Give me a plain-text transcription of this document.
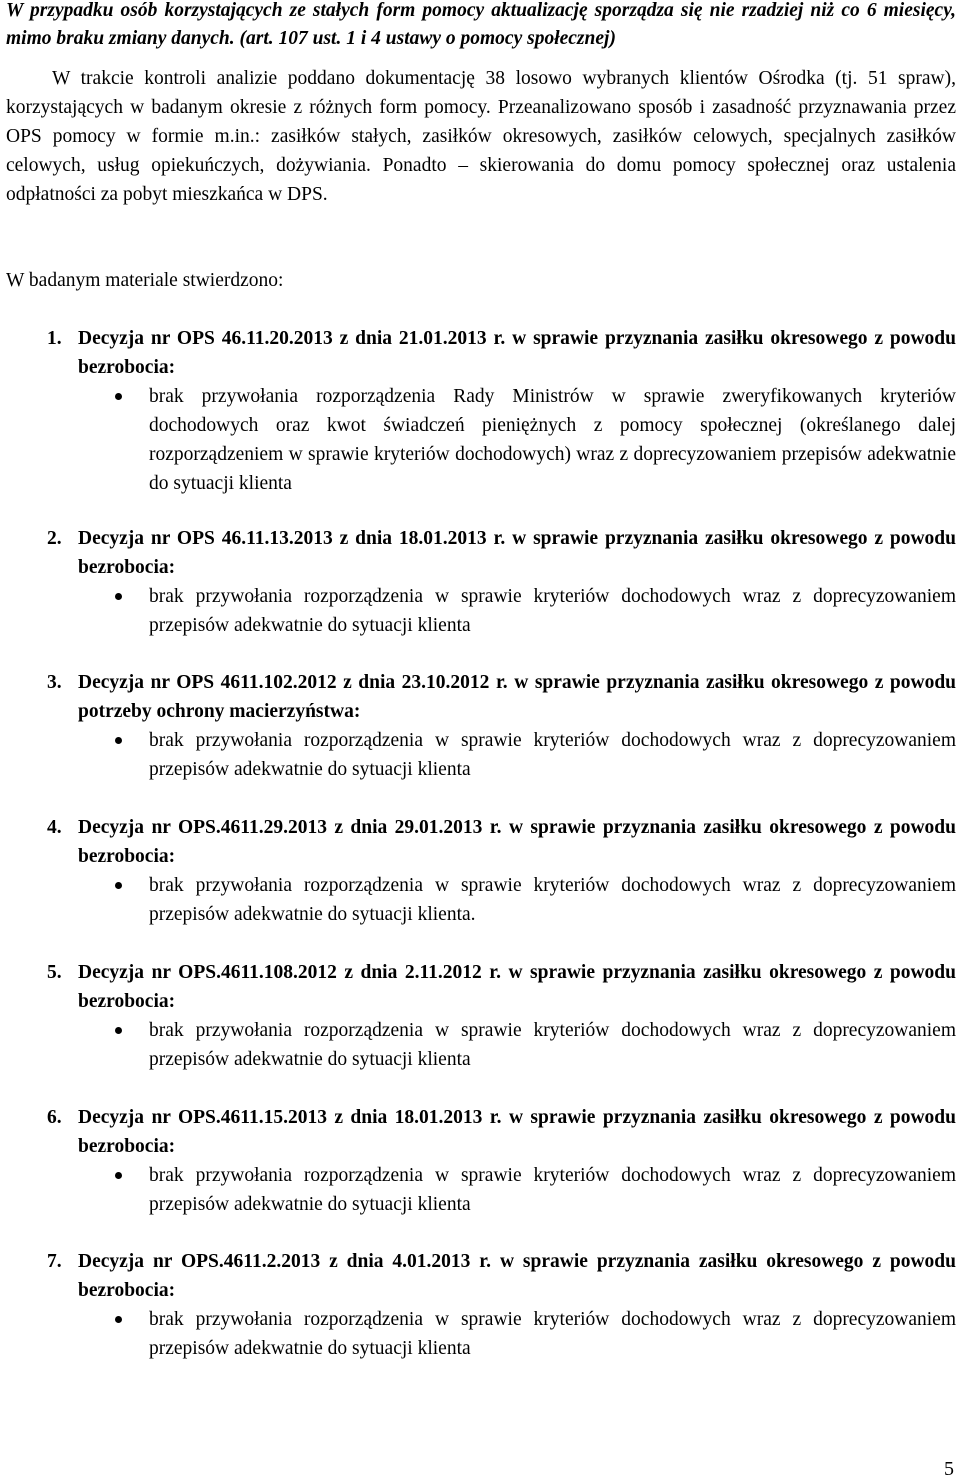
W przypadku osób korzystających ze stałych form pomocy aktualizację sporządza się nie rzadziej niż co 6 miesięcy, mimo braku zmiany danych. (art. 107 ust. 1 i 4 ustawy o pomocy społecznej)
W trakcie kontroli analizie poddano dokumentację 38 losowo wybranych klientów Ośrodka (tj. 51 spraw), korzystających w badanym okresie z różnych form pomocy. Przeanalizowano sposób i zasadność przyznawania przez OPS pomocy w formie m.in.: zasiłków stałych, zasiłków okresowych, zasiłków celowych, specjalnych zasiłków celowych, usług opiekuńczych, dożywiania. Ponadto – skierowania do domu pomocy społecznej oraz ustalenia odpłatności za pobyt mieszkańca w DPS.
W badanym materiale stwierdzono:
1. Decyzja nr OPS 46.11.20.2013 z dnia 21.01.2013 r. w sprawie przyznania zasiłku okresowego z powodu bezrobocia:
brak przywołania rozporządzenia Rady Ministrów w sprawie zweryfikowanych kryteriów dochodowych oraz kwot świadczeń pieniężnych z pomocy społecznej (określanego dalej rozporządzeniem w sprawie kryteriów dochodowych) wraz z doprecyzowaniem przepisów adekwatnie do sytuacji klienta
2. Decyzja nr OPS 46.11.13.2013 z dnia 18.01.2013 r. w sprawie przyznania zasiłku okresowego z powodu bezrobocia:
brak przywołania rozporządzenia w sprawie kryteriów dochodowych wraz z doprecyzowaniem przepisów adekwatnie do sytuacji klienta
3. Decyzja nr OPS 4611.102.2012 z dnia 23.10.2012 r. w sprawie przyznania zasiłku okresowego z powodu potrzeby ochrony macierzyństwa:
brak przywołania rozporządzenia w sprawie kryteriów dochodowych wraz z doprecyzowaniem przepisów adekwatnie do sytuacji klienta
4. Decyzja nr OPS.4611.29.2013 z dnia 29.01.2013 r. w sprawie przyznania zasiłku okresowego z powodu bezrobocia:
brak przywołania rozporządzenia w sprawie kryteriów dochodowych wraz z doprecyzowaniem przepisów adekwatnie do sytuacji klienta.
5. Decyzja nr OPS.4611.108.2012 z dnia 2.11.2012 r. w sprawie przyznania zasiłku okresowego z powodu bezrobocia:
brak przywołania rozporządzenia w sprawie kryteriów dochodowych wraz z doprecyzowaniem przepisów adekwatnie do sytuacji klienta
6. Decyzja nr OPS.4611.15.2013 z dnia 18.01.2013 r. w sprawie przyznania zasiłku okresowego z powodu bezrobocia:
brak przywołania rozporządzenia w sprawie kryteriów dochodowych wraz z doprecyzowaniem przepisów adekwatnie do sytuacji klienta
7. Decyzja nr OPS.4611.2.2013 z dnia 4.01.2013 r. w sprawie przyznania zasiłku okresowego z powodu bezrobocia:
brak przywołania rozporządzenia w sprawie kryteriów dochodowych wraz z doprecyzowaniem przepisów adekwatnie do sytuacji klienta
5
